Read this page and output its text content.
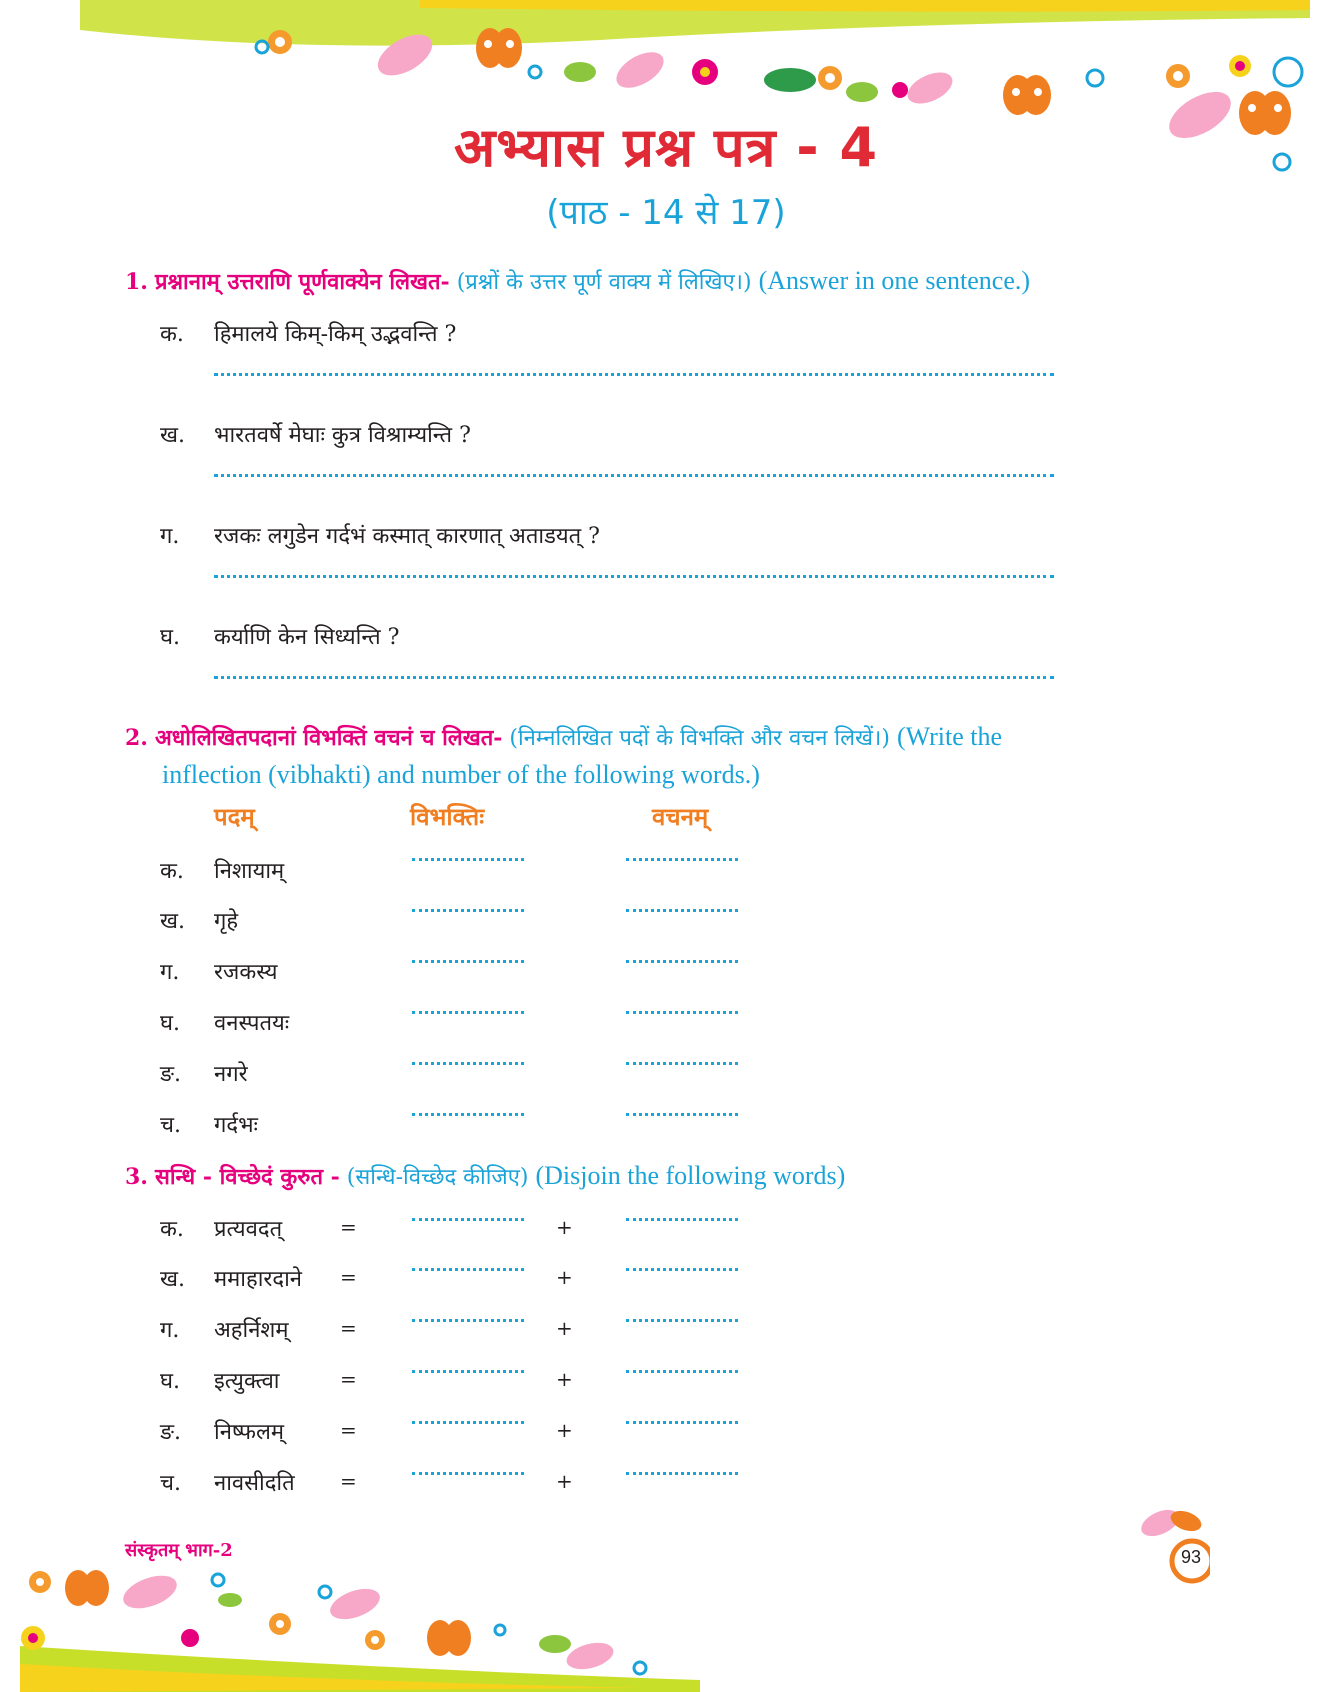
अभ्यास प्रश्न पत्र - 4
(पाठ - 14 से 17)
1. प्रश्नानाम् उत्तराणि पूर्णवाक्येन लिखत- (प्रश्नों के उत्तर पूर्ण वाक्य में लिखिए।) (Answer in one sentence.)
क. हिमालये किम्-किम् उद्भवन्ति ?
ख. भारतवर्षे मेघाः कुत्र विश्राम्यन्ति ?
ग. रजकः लगुडेन गर्दभं कस्मात् कारणात् अताडयत् ?
घ. कर्याणि केन सिध्यन्ति ?
2. अधोलिखितपदानां विभक्तिं वचनं च लिखत- (निम्नलिखित पदों के विभक्ति और वचन लिखें।) (Write the
inflection (vibhakti) and number of the following words.)
पदम्	विभक्तिः	वचनम्
क. निशायाम्
ख. गृहे
ग. रजकस्य
घ. वनस्पतयः
ङ. नगरे
च. गर्दभः
3. सन्धि - विच्छेदं कुरुत - (सन्धि-विच्छेद कीजिए) (Disjoin the following words)
क. प्रत्यवदत्	=	+
ख. ममाहारदाने =	+
ग. अहर्निशम्	=	+
घ. इत्युक्त्वा	=	+
ङ. निष्फलम्	=	+
च. नावसीदति =	+
संस्कृतम् भाग-2	93
